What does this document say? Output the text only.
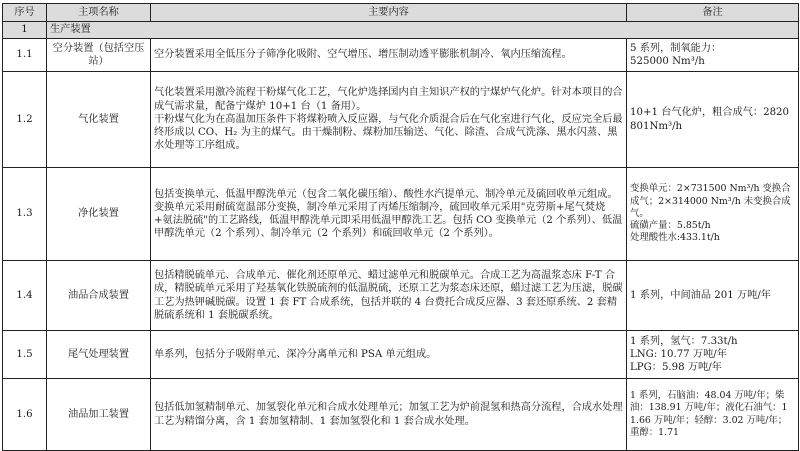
序号	主项名称	主要内容	备注
1	生产装置		
1.1	空分装置（包括空压站）	空分装置采用全低压分子筛净化吸附、空气增压、增压制动透平膨胀机制冷、氧内压缩流程。	5 系列，制氧能力：
525000 Nm³/h
1.2	气化装置	气化装置采用激冷流程干粉煤气化工艺，气化炉选择国内自主知识产权的宁煤炉气化炉。针对本项目的合成气需求量，配备宁煤炉 10+1 台（1 备用）。
干粉煤气化为在高温加压条件下将煤粉喷入反应器，与气化介质混合后在气化室进行气化，反应完全后最终形成以 CO、H₂ 为主的煤气。由干燥制粉、煤粉加压输送、气化、除渣、合成气洗涤、黑水闪蒸、黑水处理等工序组成。	10+1 台气化炉，粗合成气：2820801Nm³/h
1.3	净化装置	包括变换单元、低温甲醇洗单元（包含二氧化碳压缩）、酸性水汽提单元、制冷单元及硫回收单元组成。变换单元采用耐硫宽温部分变换，制冷单元采用了丙烯压缩制冷，硫回收单元采用"克劳斯+尾气焚烧+氨法脱硫"的工艺路线，低温甲醇洗单元即采用低温甲醇洗工艺。包括 CO 变换单元（2 个系列）、低温甲醇洗单元（2 个系列）、制冷单元（2 个系列）和硫回收单元（2 个系列）。	变换单元：2×731500 Nm³/h 变换合成气；2×314000 Nm³/h 未变换合成气。
硫磺产量：5.85t/h
处理酸性水:433.1t/h
1.4	油品合成装置	包括精脱硫单元、合成单元、催化剂还原单元、蜡过滤单元和脱碳单元。合成工艺为高温浆态床 F-T 合成，精脱硫单元采用了羟基氧化铁脱硫剂的低温脱硫，还原工艺为浆态床还原，蜡过滤工艺为压滤，脱碳工艺为热钾碱脱碳。设置 1 套 FT 合成系统，包括并联的 4 台费托合成反应器、3 套还原系统、2 套精脱硫系统和 1 套脱碳系统。	1 系列，中间油品 201 万吨/年
1.5	尾气处理装置	单系列，包括分子吸附单元、深冷分离单元和 PSA 单元组成。	1 系列，氢气：7.33t/h
LNG: 10.77 万吨/年
LPG：5.98 万吨/年
1.6	油品加工装置	包括低加氢精制单元、加氢裂化单元和合成水处理单元；加氢工艺为炉前混氢和热高分流程，合成水处理工艺为精馏分离，含 1 套加氢精制、1 套加氢裂化和 1 套合成水处理。	1 系列，石脑油：48.04 万吨/年；柴油：138.91 万吨/年；液化石油气：11.66 万吨/年；轻醇：3.02 万吨/年；重醇：1.71
